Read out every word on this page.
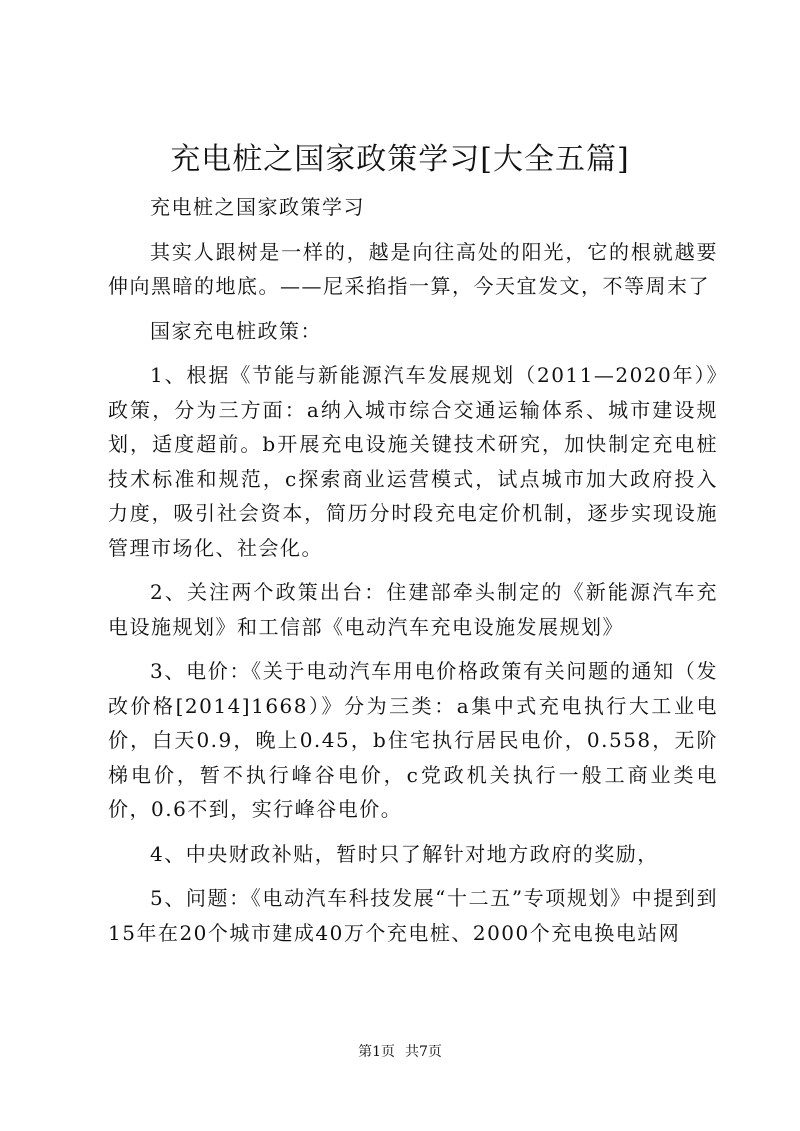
充电桩之国家政策学习[大全五篇]

充电桩之国家政策学习

其实人跟树是一样的，越是向往高处的阳光，它的根就越要伸向黑暗的地底。——尼采掐指一算，今天宜发文，不等周末了

国家充电桩政策：

1、根据《节能与新能源汽车发展规划（2011—2020年）》政策，分为三方面：a纳入城市综合交通运输体系、城市建设规划，适度超前。b开展充电设施关键技术研究，加快制定充电桩技术标准和规范，c探索商业运营模式，试点城市加大政府投入力度，吸引社会资本，简历分时段充电定价机制，逐步实现设施管理市场化、社会化。

2、关注两个政策出台：住建部牵头制定的《新能源汽车充电设施规划》和工信部《电动汽车充电设施发展规划》

3、电价：《关于电动汽车用电价格政策有关问题的通知（发改价格[2014]1668）》分为三类：a集中式充电执行大工业电价，白天0.9，晚上0.45，b住宅执行居民电价，0.558，无阶梯电价，暂不执行峰谷电价，c党政机关执行一般工商业类电价，0.6不到，实行峰谷电价。

4、中央财政补贴，暂时只了解针对地方政府的奖励，

5、问题：《电动汽车科技发展“十二五”专项规划》中提到到15年在20个城市建成40万个充电桩、2000个充电换电站网

第1页 共7页
